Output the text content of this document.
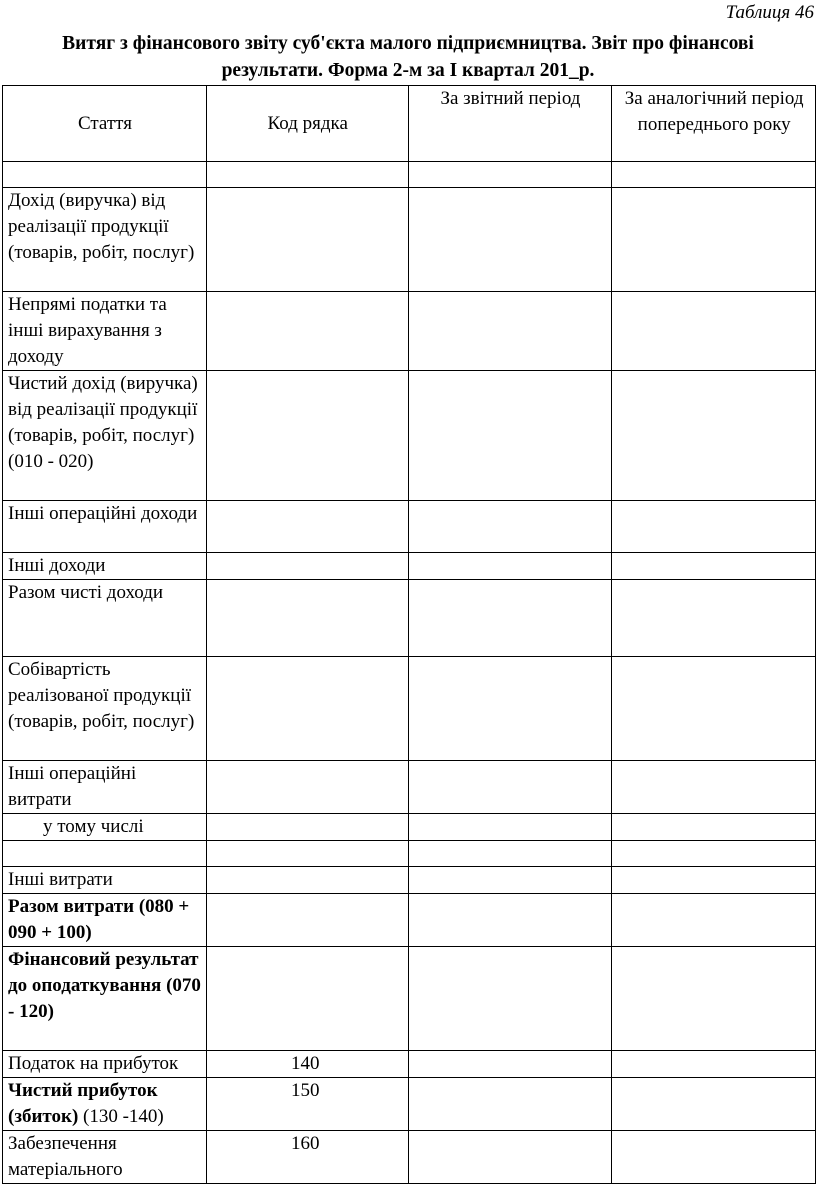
Таблиця 46
Витяг з фінансового звіту суб'єкта малого підприємництва. Звіт про фінансові результати. Форма 2-м за І квартал 201_р.
Стаття	Код рядка	За звітний період	За аналогічний період попереднього року

Дохід (виручка) від реалізації продукції (товарів, робіт, послуг)			
Непрямі податки та інші вирахування з доходу			
Чистий дохід (виручка) від реалізації продукції (товарів, робіт, послуг) (010 - 020)			
Інші операційні доходи			
Інші доходи			
Разом чисті доходи			
Собівартість реалізованої продукції (товарів, робіт, послуг)			
Інші операційні витрати			
у тому числі			

Інші витрати			
Разом витрати (080 + 090 + 100)			
Фінансовий результат до оподаткування (070 - 120)			
Податок на прибуток	140		
Чистий прибуток (збиток) (130 -140)	150		
Забезпечення матеріального	160		
